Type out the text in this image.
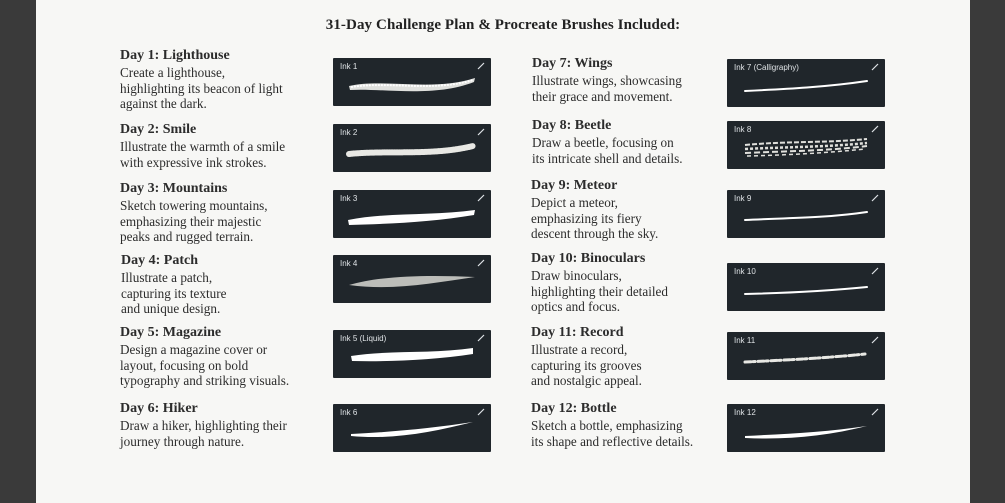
31-Day Challenge Plan & Procreate Brushes Included:
Day 1: Lighthouse
Create a lighthouse,
highlighting its beacon of light
against the dark.
Day 2: Smile
Illustrate the warmth of a smile
with expressive ink strokes.
Day 3: Mountains
Sketch towering mountains,
emphasizing their majestic
peaks and rugged terrain.
Day 4: Patch
Illustrate a patch,
capturing its texture
and unique design.
Day 5: Magazine
Design a magazine cover or
layout, focusing on bold
typography and striking visuals.
Day 6: Hiker
Draw a hiker, highlighting their
journey through nature.
Day 7: Wings
Illustrate wings, showcasing
their grace and movement.
Day 8: Beetle
Draw a beetle, focusing on
its intricate shell and details.
Day 9: Meteor
Depict a meteor,
emphasizing its fiery
descent through the sky.
Day 10: Binoculars
Draw binoculars,
highlighting their detailed
optics and focus.
Day 11: Record
Illustrate a record,
capturing its grooves
and nostalgic appeal.
Day 12: Bottle
Sketch a bottle, emphasizing
its shape and reflective details.
Ink 1
Ink 2
Ink 3
Ink 4
Ink 5 (Liquid)
Ink 6
Ink 7 (Calligraphy)
Ink 8
Ink 9
Ink 10
Ink 11
Ink 12
